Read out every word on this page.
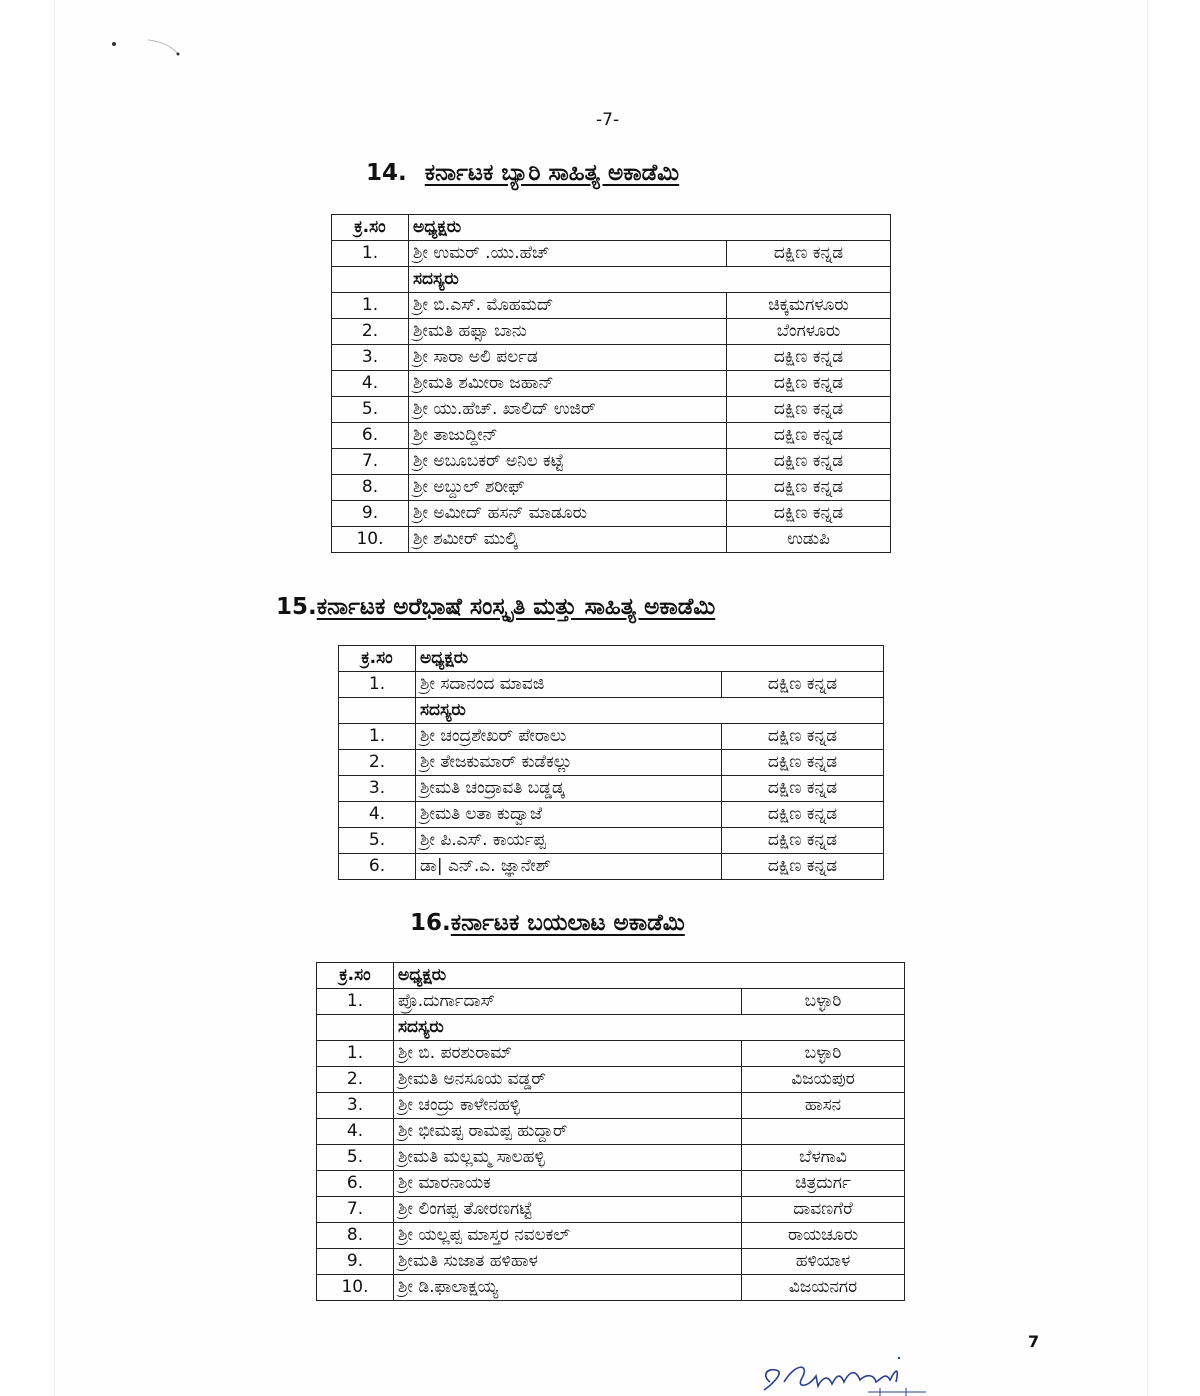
-7-
14. ಕರ್ನಾಟಕ ಬ್ಯಾರಿ ಸಾಹಿತ್ಯ ಅಕಾಡೆಮಿ
ಕ್ರ.ಸಂ	ಅಧ್ಯಕ್ಷರು	
1.	ಶ್ರೀ ಉಮರ್ .ಯು.ಹೆಚ್	ದಕ್ಷಿಣ ಕನ್ನಡ
	ಸದಸ್ಯರು	
1.	ಶ್ರೀ ಬಿ.ಎಸ್. ಮೊಹಮದ್	ಚಿಕ್ಕಮಗಳೂರು
2.	ಶ್ರೀಮತಿ ಹಫ್ಸಾ ಬಾನು	ಬೆಂಗಳೂರು
3.	ಶ್ರೀ ಸಾರಾ ಅಲಿ ಪರ್ಲಡ	ದಕ್ಷಿಣ ಕನ್ನಡ
4.	ಶ್ರೀಮತಿ ಶಮೀರಾ ಜಹಾನ್	ದಕ್ಷಿಣ ಕನ್ನಡ
5.	ಶ್ರೀ ಯು.ಹೆಚ್. ಖಾಲಿದ್ ಉಜಿರ್	ದಕ್ಷಿಣ ಕನ್ನಡ
6.	ಶ್ರೀ ತಾಜುದ್ದೀನ್	ದಕ್ಷಿಣ ಕನ್ನಡ
7.	ಶ್ರೀ ಅಬೂಬಕರ್ ಅನಿಲ ಕಟ್ಟೆ	ದಕ್ಷಿಣ ಕನ್ನಡ
8.	ಶ್ರೀ ಅಬ್ದುಲ್ ಶರೀಫ್	ದಕ್ಷಿಣ ಕನ್ನಡ
9.	ಶ್ರೀ ಅಮೀದ್ ಹಸನ್ ಮಾಡೂರು	ದಕ್ಷಿಣ ಕನ್ನಡ
10.	ಶ್ರೀ ಶಮೀರ್ ಮುಲ್ಕಿ	ಉಡುಪಿ
15.ಕರ್ನಾಟಕ ಅರೆಭಾಷೆ ಸಂಸ್ಕೃತಿ ಮತ್ತು ಸಾಹಿತ್ಯ ಅಕಾಡೆಮಿ
ಕ್ರ.ಸಂ	ಅಧ್ಯಕ್ಷರು	
1.	ಶ್ರೀ ಸದಾನಂದ ಮಾವಜಿ	ದಕ್ಷಿಣ ಕನ್ನಡ
	ಸದಸ್ಯರು	
1.	ಶ್ರೀ ಚಂದ್ರಶೇಖರ್ ಪೇರಾಲು	ದಕ್ಷಿಣ ಕನ್ನಡ
2.	ಶ್ರೀ ತೇಜಕುಮಾರ್ ಕುಡೆಕಲ್ಲು	ದಕ್ಷಿಣ ಕನ್ನಡ
3.	ಶ್ರೀಮತಿ ಚಂದ್ರಾವತಿ ಬಡ್ಡಡ್ಕ	ದಕ್ಷಿಣ ಕನ್ನಡ
4.	ಶ್ರೀಮತಿ ಲತಾ ಕುದ್ವಾಜೆ	ದಕ್ಷಿಣ ಕನ್ನಡ
5.	ಶ್ರೀ ಪಿ.ಎಸ್. ಕಾರ್ಯಪ್ಪ	ದಕ್ಷಿಣ ಕನ್ನಡ
6.	ಡಾ| ಎನ್.ಎ. ಜ್ಞಾನೇಶ್	ದಕ್ಷಿಣ ಕನ್ನಡ
16.ಕರ್ನಾಟಕ ಬಯಲಾಟ ಅಕಾಡೆಮಿ
ಕ್ರ.ಸಂ	ಅಧ್ಯಕ್ಷರು	
1.	ಪ್ರೊ.ದುರ್ಗಾದಾಸ್	ಬಳ್ಳಾರಿ
	ಸದಸ್ಯರು	
1.	ಶ್ರೀ ಬಿ. ಪರಶುರಾಮ್	ಬಳ್ಳಾರಿ
2.	ಶ್ರೀಮತಿ ಅನಸೂಯ ವಡ್ಡರ್	ವಿಜಯಪುರ
3.	ಶ್ರೀ ಚಂದ್ರು ಕಾಳೇನಹಳ್ಳಿ	ಹಾಸನ
4.	ಶ್ರೀ ಭೀಮಪ್ಪ ರಾಮಪ್ಪ ಹುದ್ದಾರ್	
5.	ಶ್ರೀಮತಿ ಮಲ್ಲಮ್ಮ ಸಾಲಹಳ್ಳಿ	ಬೆಳಗಾವಿ
6.	ಶ್ರೀ ಮಾರನಾಯಕ	ಚಿತ್ರದುರ್ಗ
7.	ಶ್ರೀ ಲಿಂಗಪ್ಪ ತೋರಣಗಟ್ಟೆ	ದಾವಣಗೆರೆ
8.	ಶ್ರೀ ಯಲ್ಲಪ್ಪ ಮಾಸ್ತರ ನವಲಕಲ್	ರಾಯಚೂರು
9.	ಶ್ರೀಮತಿ ಸುಜಾತ ಹಳಿಹಾಳ	ಹಳಿಯಾಳ
10.	ಶ್ರೀ ಡಿ.ಫಾಲಾಕ್ಷಯ್ಯ	ವಿಜಯನಗರ
7
